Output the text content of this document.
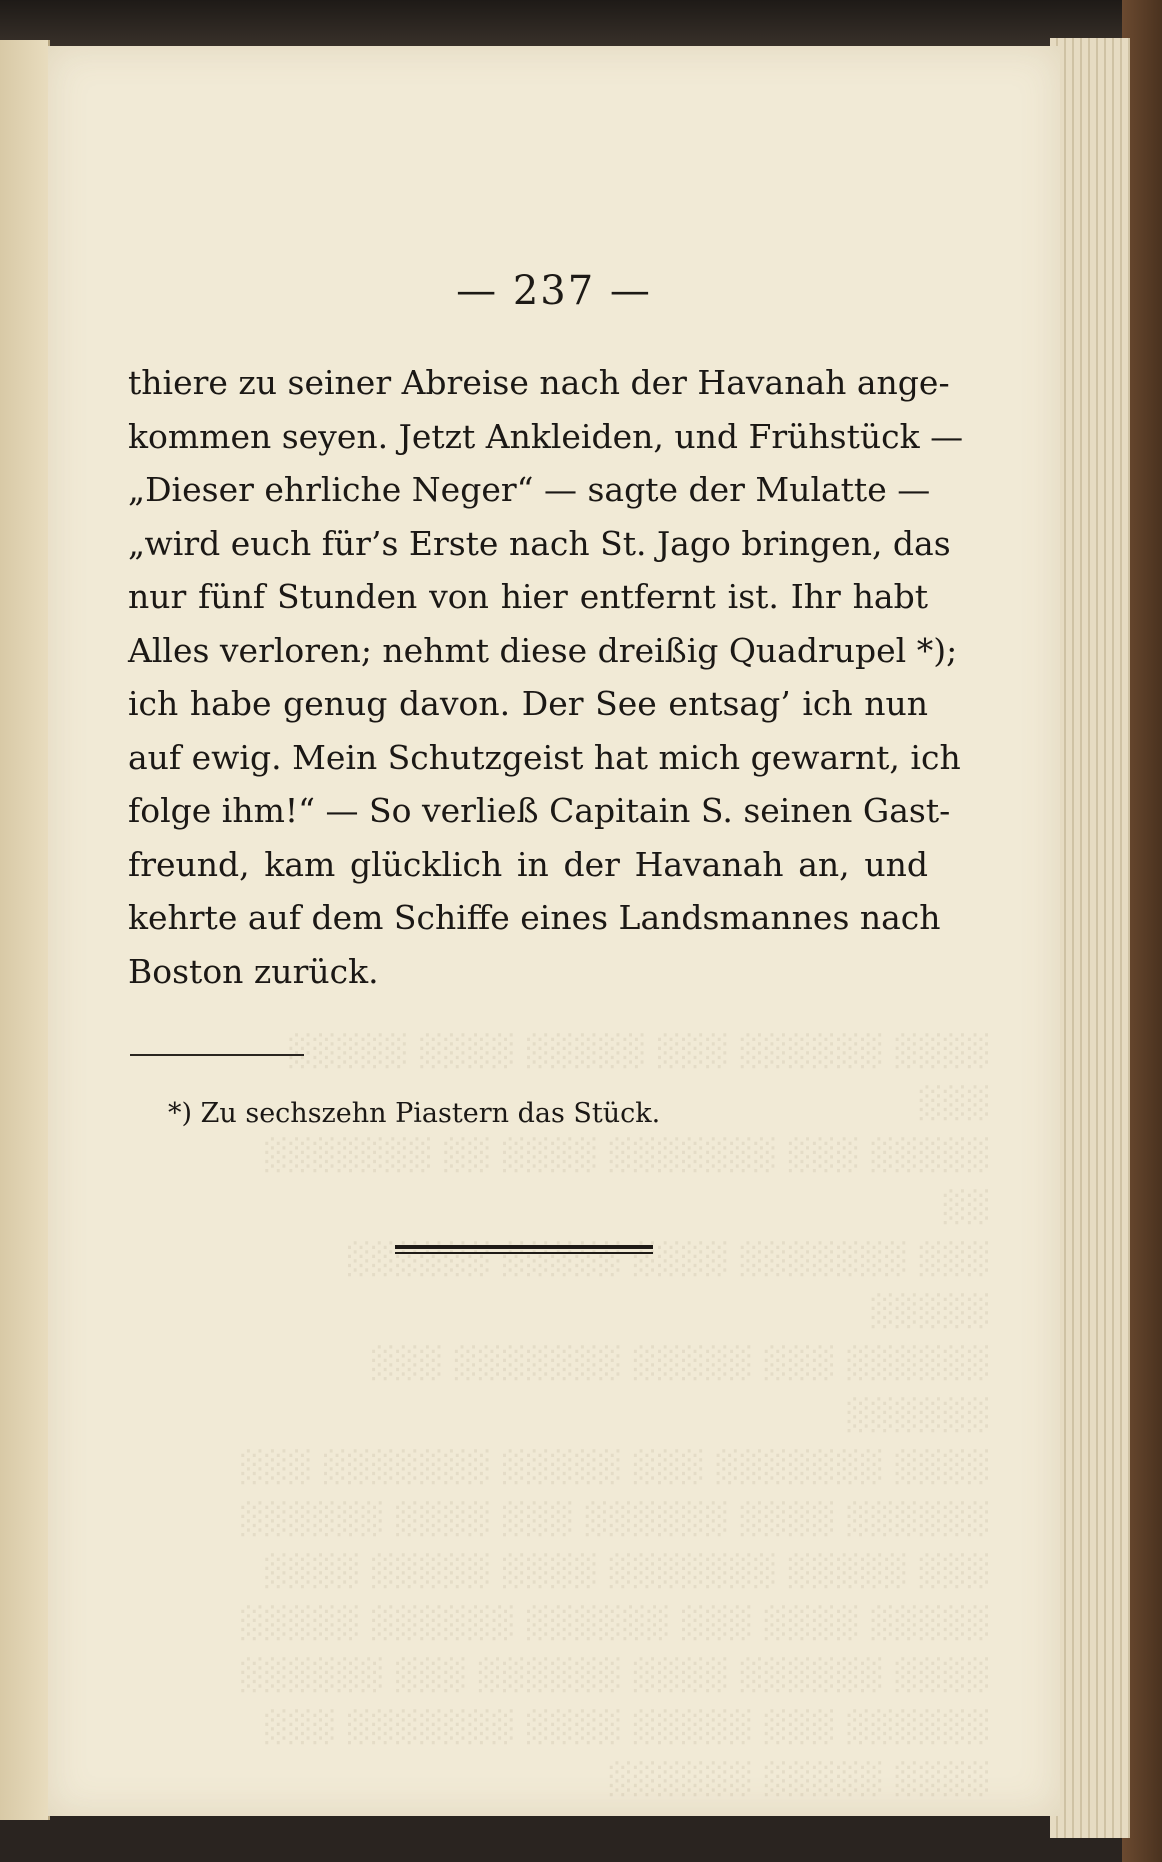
░░░░ ░░░░░░ ░░░ ░░░░░ ░░░░ ░░░░░ ░░░
░░░░░ ░░░ ░░░░░░░ ░░░░ ░░ ░░░░░░░ ░░
░░░ ░░░░░░░ ░░░░ ░░░░░ ░░░░░░ ░░░░░
░░░░░░ ░░░ ░░░░░ ░░░░░░░ ░░░ ░░░░░░
░░░░ ░░░░░░░ ░░░ ░░░░░ ░░░░░░░ ░░░
░░░░░░ ░░░░ ░░░░░░ ░░░ ░░░░ ░░░░░░
░░░ ░░░░░ ░░░░░░░ ░░░░ ░░░░░ ░░░░
░░░░░ ░░░░ ░░░ ░░░░░░ ░░░░░░ ░░░░░
░░░░ ░░░░░░ ░░░░ ░░░░░░ ░░░ ░░░░░░
░░░░░░ ░░░ ░░░░░ ░░░░ ░░░░░░░ ░░░
░░░░ ░░░░░ ░░░░░░

— 237 —
thiere zu seiner Abreise nach der Havanah ange-
kommen seyen. Jetzt Ankleiden, und Frühstück —
„Dieser ehrliche Neger“ — sagte der Mulatte —
„wird euch für’s Erste nach St. Jago bringen, das
nur fünf Stunden von hier entfernt ist. Ihr habt
Alles verloren; nehmt diese dreißig Quadrupel *);
ich habe genug davon. Der See entsag’ ich nun
auf ewig. Mein Schutzgeist hat mich gewarnt, ich
folge ihm!“ — So verließ Capitain S. seinen Gast-
freund, kam glücklich in der Havanah an, und
kehrte auf dem Schiffe eines Landsmannes nach
Boston zurück.
*) Zu sechszehn Piastern das Stück.
